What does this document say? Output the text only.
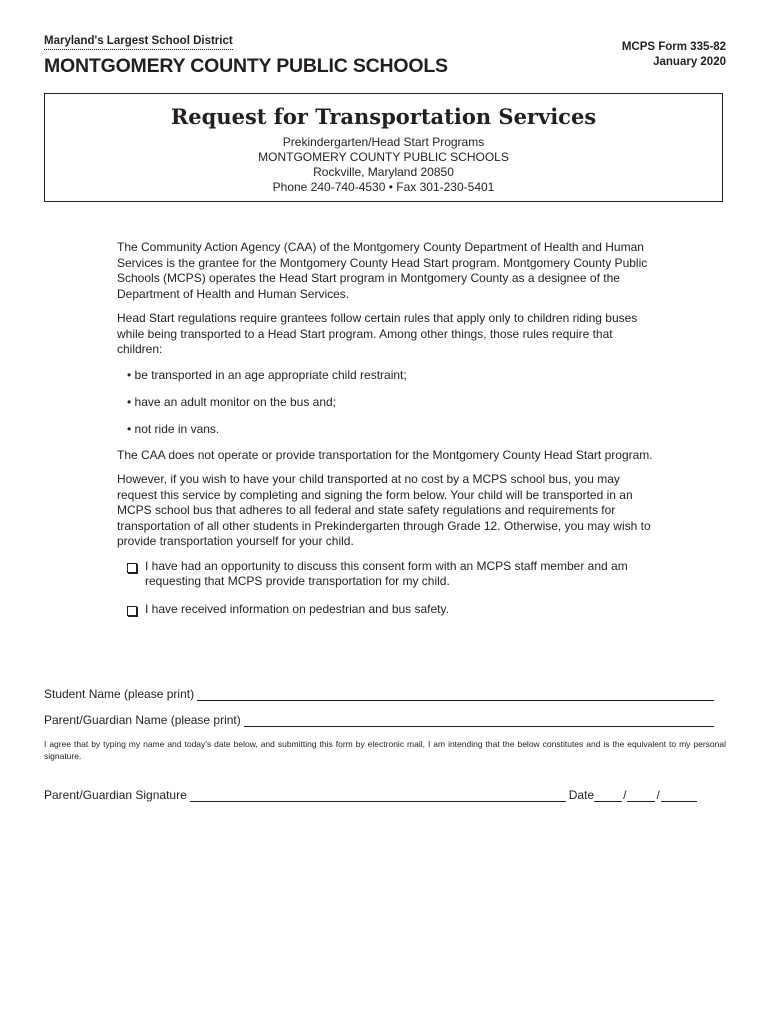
Maryland's Largest School District
MONTGOMERY COUNTY PUBLIC SCHOOLS
MCPS Form 335-82
January 2020
Request for Transportation Services
Prekindergarten/Head Start Programs
MONTGOMERY COUNTY PUBLIC SCHOOLS
Rockville, Maryland 20850
Phone 240-740-4530 • Fax 301-230-5401

The Community Action Agency (CAA) of the Montgomery County Department of Health and Human Services is the grantee for the Montgomery County Head Start program. Montgomery County Public Schools (MCPS) operates the Head Start program in Montgomery County as a designee of the Department of Health and Human Services.

Head Start regulations require grantees follow certain rules that apply only to children riding buses while being transported to a Head Start program. Among other things, those rules require that children:

• be transported in an age appropriate child restraint;
• have an adult monitor on the bus and;
• not ride in vans.

The CAA does not operate or provide transportation for the Montgomery County Head Start program.

However, if you wish to have your child transported at no cost by a MCPS school bus, you may request this service by completing and signing the form below. Your child will be transported in an MCPS school bus that adheres to all federal and state safety regulations and requirements for transportation of all other students in Prekindergarten through Grade 12. Otherwise, you may wish to provide transportation yourself for your child.

I have had an opportunity to discuss this consent form with an MCPS staff member and am requesting that MCPS provide transportation for my child.
I have received information on pedestrian and bus safety.
Student Name (please print)
Parent/Guardian Name (please print)
I agree that by typing my name and today's date below, and submitting this form by electronic mail, I am intending that the below constitutes and is the equivalent to my personal signature.
Parent/Guardian Signature	Date /	/
